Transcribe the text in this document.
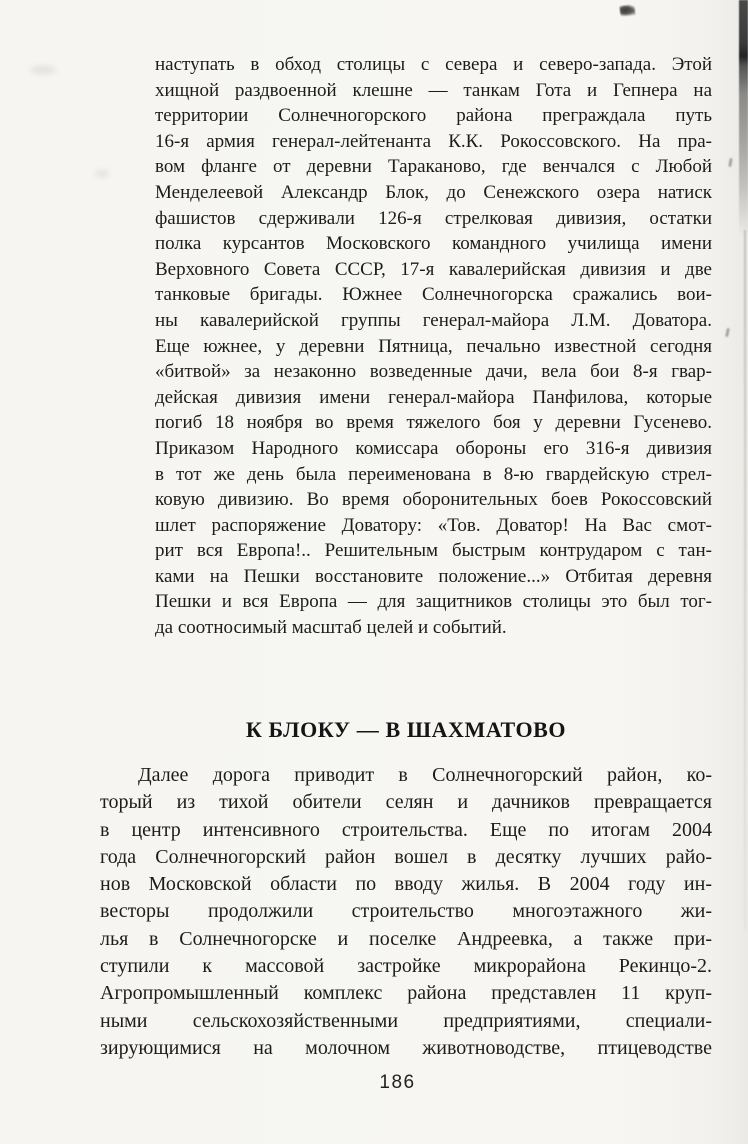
наступать в обход столицы с севера и северо-запада. Этой
хищной раздвоенной клешне — танкам Гота и Гепнера на
территории Солнечногорского района преграждала путь
16-я армия генерал-лейтенанта К.К. Рокоссовского. На пра-
вом фланге от деревни Тараканово, где венчался с Любой
Менделеевой Александр Блок, до Сенежского озера натиск
фашистов сдерживали 126-я стрелковая дивизия, остатки
полка курсантов Московского командного училища имени
Верховного Совета СССР, 17-я кавалерийская дивизия и две
танковые бригады. Южнее Солнечногорска сражались вои-
ны кавалерийской группы генерал-майора Л.М. Доватора.
Еще южнее, у деревни Пятница, печально известной сегодня
«битвой» за незаконно возведенные дачи, вела бои 8-я гвар-
дейская дивизия имени генерал-майора Панфилова, которые
погиб 18 ноября во время тяжелого боя у деревни Гусенево.
Приказом Народного комиссара обороны его 316-я дивизия
в тот же день была переименована в 8-ю гвардейскую стрел-
ковую дивизию. Во время оборонительных боев Рокоссовский
шлет распоряжение Доватору: «Тов. Доватор! На Вас смот-
рит вся Европа!.. Решительным быстрым контрударом с тан-
ками на Пешки восстановите положение...» Отбитая деревня
Пешки и вся Европа — для защитников столицы это был тог-
да соотносимый масштаб целей и событий.
К БЛОКУ — В ШАХМАТОВО
Далее дорога приводит в Солнечногорский район, ко-
торый из тихой обители селян и дачников превращается
в центр интенсивного строительства. Еще по итогам 2004
года Солнечногорский район вошел в десятку лучших райо-
нов Московской области по вводу жилья. В 2004 году ин-
весторы продолжили строительство многоэтажного жи-
лья в Солнечногорске и поселке Андреевка, а также при-
ступили к массовой застройке микрорайона Рекинцо-2.
Агропромышленный комплекс района представлен 11 круп-
ными сельскохозяйственными предприятиями, специали-
зирующимися на молочном животноводстве, птицеводстве
186
